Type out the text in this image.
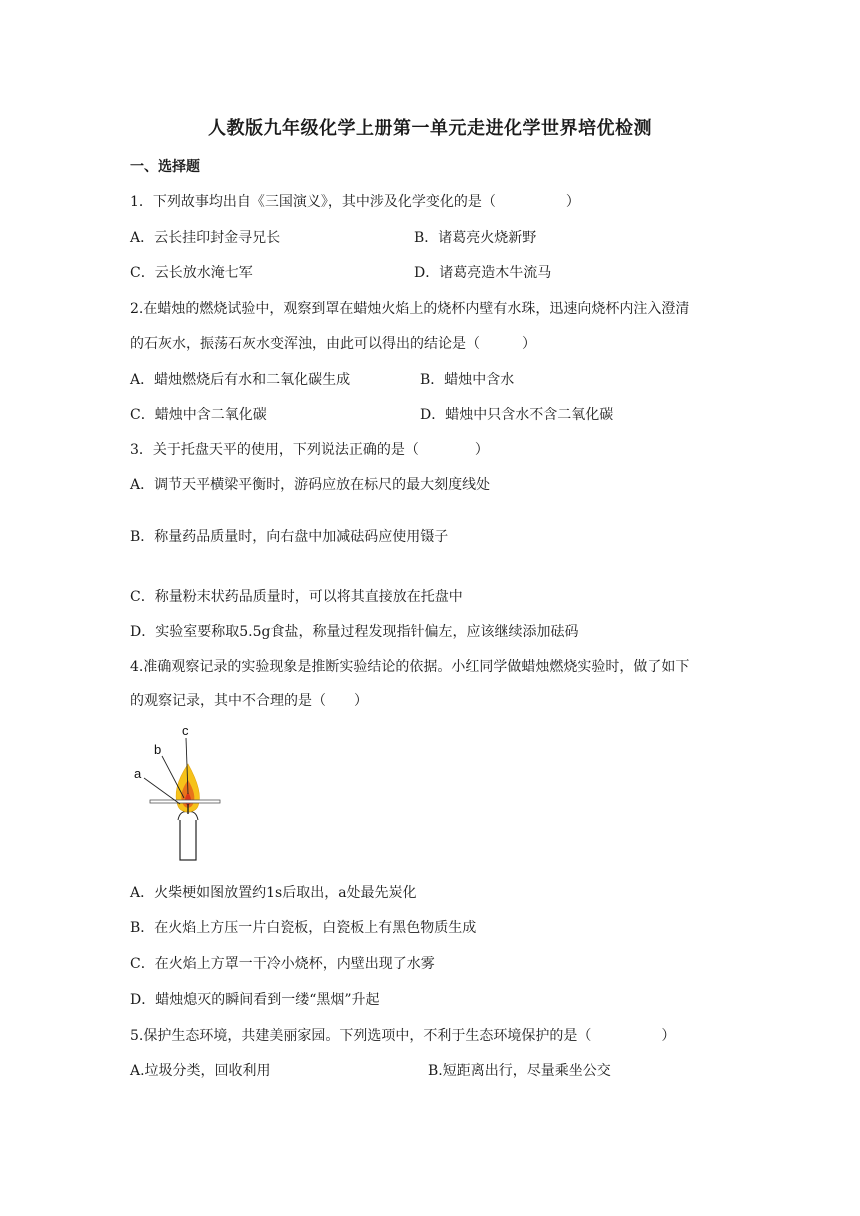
人教版九年级化学上册第一单元走进化学世界培优检测
一、选择题
1．下列故事均出自《三国演义》，其中涉及化学变化的是（　　　　　）
A．云长挂印封金寻兄长	B．诸葛亮火烧新野
C．云长放水淹七军	D．诸葛亮造木牛流马
2.在蜡烛的燃烧试验中，观察到罩在蜡烛火焰上的烧杯内壁有水珠，迅速向烧杯内注入澄清
的石灰水，振荡石灰水变浑浊，由此可以得出的结论是（　　　）
A．蜡烛燃烧后有水和二氧化碳生成	B．蜡烛中含水
C．蜡烛中含二氧化碳	D．蜡烛中只含水不含二氧化碳
3．关于托盘天平的使用，下列说法正确的是（　　　　）
A．调节天平横梁平衡时，游码应放在标尺的最大刻度线处
B．称量药品质量时，向右盘中加减砝码应使用镊子
C．称量粉末状药品质量时，可以将其直接放在托盘中
D．实验室要称取5.5g食盐，称量过程发现指针偏左，应该继续添加砝码
4.准确观察记录的实验现象是推断实验结论的依据。小红同学做蜡烛燃烧实验时，做了如下
的观察记录，其中不合理的是（　　）
a
b
c
A．火柴梗如图放置约1s后取出，a处最先炭化
B．在火焰上方压一片白瓷板，白瓷板上有黑色物质生成
C．在火焰上方罩一干冷小烧杯，内壁出现了水雾
D．蜡烛熄灭的瞬间看到一缕“黑烟”升起
5.保护生态环境，共建美丽家园。下列选项中，不利于生态环境保护的是（　　　　　）
A.垃圾分类，回收利用	B.短距离出行，尽量乘坐公交
